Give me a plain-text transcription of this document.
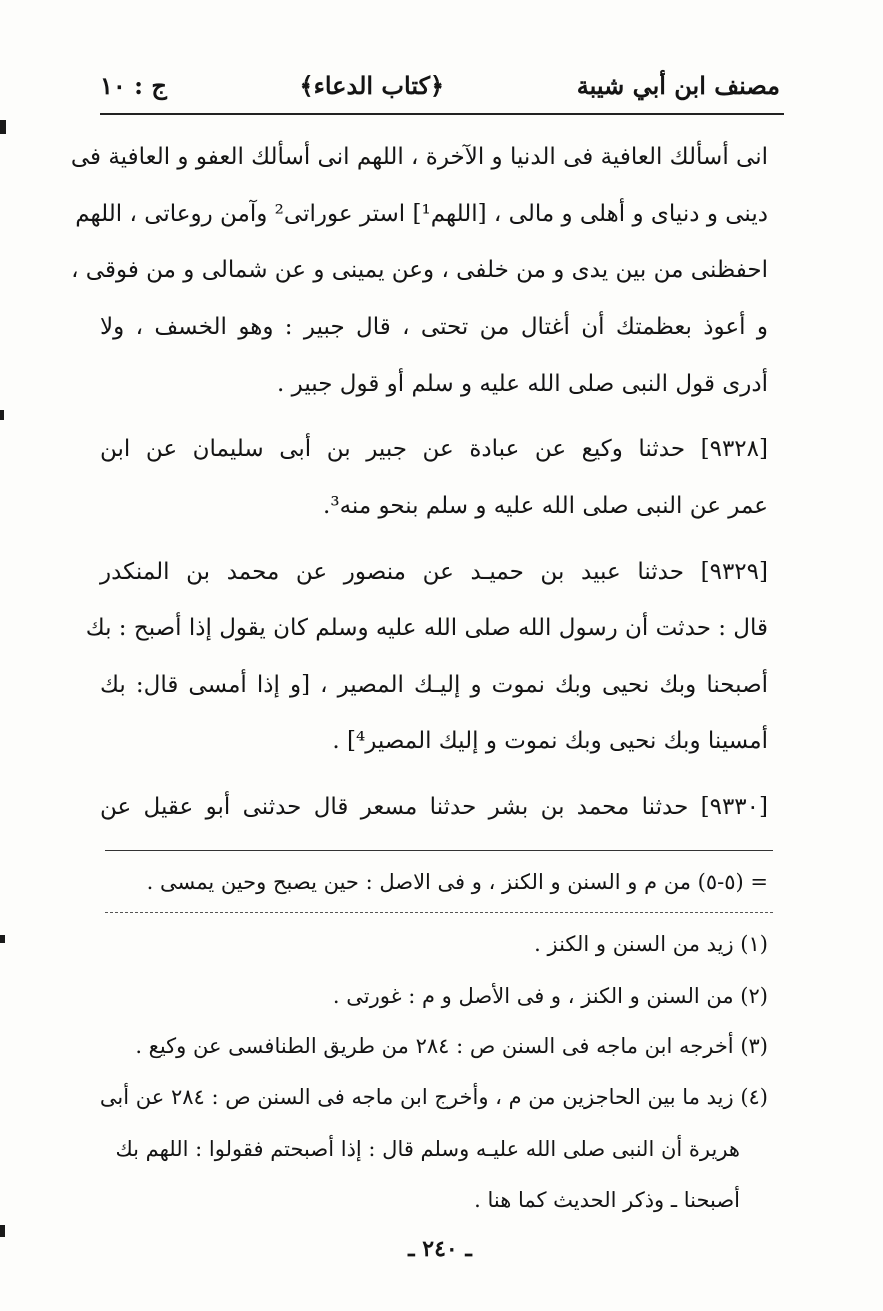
مصنف ابن أبي شيبة
﴿كتاب الدعاء﴾
ج : ١٠
انى أسألك العافية فى الدنيا و الآخرة ، اللهم انى أسألك العفو و العافية فى
دينى و دنياى و أهلى و مالى ، [اللهم¹] استر عوراتى² وآمن روعاتى ، اللهم
احفظنى من بين يدى و من خلفى ، وعن يمينى و عن شمالى و من فوقى ،
و أعوذ بعظمتك أن أغتال من تحتى ، قال جبير : وهو الخسف ، ولا
أدرى قول النبى صلى الله عليه و سلم أو قول جبير .
[٩٣٢٨] حدثنا وكيع عن عبادة عن جبير بن أبى سليمان عن ابن
عمر عن النبى صلى الله عليه و سلم بنحو منه³.
[٩٣٢٩] حدثنا عبيد بن حميـد عن منصور عن محمد بن المنكدر
قال : حدثت أن رسول الله صلى الله عليه وسلم كان يقول إذا أصبح : بك
أصبحنا وبك نحيى وبك نموت و إليـك المصير ، [و إذا أمسى قال: بك
أمسينا وبك نحيى وبك نموت و إليك المصير⁴] .
[٩٣٣٠] حدثنا محمد بن بشر حدثنا مسعر قال حدثنى أبو عقيل عن
= (٥-٥) من م و السنن و الكنز ، و فى الاصل : حين يصبح وحين يمسى .
(١) زيد من السنن و الكنز .
(٢) من السنن و الكنز ، و فى الأصل و م : غورتى .
(٣) أخرجه ابن ماجه فى السنن ص : ٢٨٤ من طريق الطنافسى عن وكيع .
(٤) زيد ما بين الحاجزين من م ، وأخرج ابن ماجه فى السنن ص : ٢٨٤ عن أبى
هريرة أن النبى صلى الله عليـه وسلم قال : إذا أصبحتم فقولوا : اللهم بك
أصبحنا ـ وذكر الحديث كما هنا .
ـ ٢٤٠ ـ
